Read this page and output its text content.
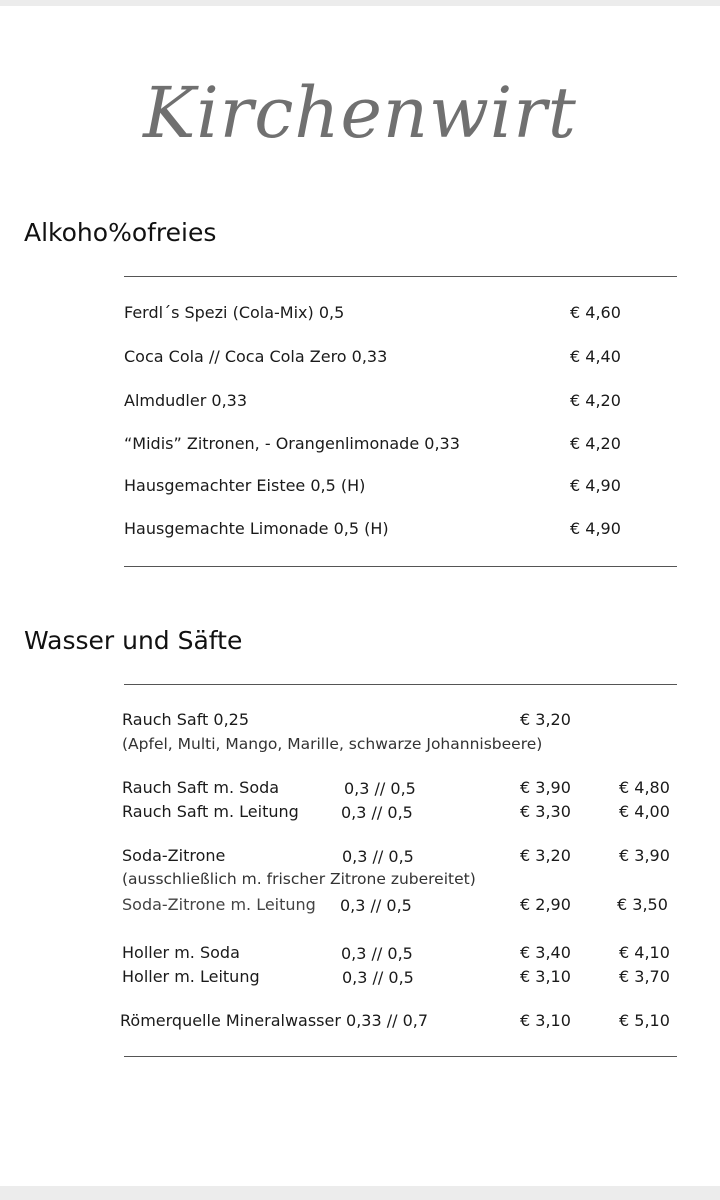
Kirchenwirt
Alkoho%ofreies
Ferdl´s Spezi (Cola-Mix) 0,5	€ 4,60
Coca Cola // Coca Cola Zero 0,33	€ 4,40
Almdudler 0,33	€ 4,20
“Midis” Zitronen, - Orangenlimonade 0,33	€ 4,20
Hausgemachter Eistee 0,5 (H)	€ 4,90
Hausgemachte Limonade 0,5 (H)	€ 4,90
Wasser und Säfte
Rauch Saft 0,25	€ 3,20
(Apfel, Multi, Mango, Marille, schwarze Johannisbeere)
Rauch Saft m. Soda	0,3 // 0,5	€ 3,90	€ 4,80
Rauch Saft m. Leitung	0,3 // 0,5	€ 3,30	€ 4,00
Soda-Zitrone	0,3 // 0,5	€ 3,20	€ 3,90
(ausschließlich m. frischer Zitrone zubereitet)
Soda-Zitrone m. Leitung 0,3 // 0,5	€ 2,90	€ 3,50
Holler m. Soda	0,3 // 0,5	€ 3,40	€ 4,10
Holler m. Leitung	0,3 // 0,5	€ 3,10	€ 3,70
Römerquelle Mineralwasser 0,33 // 0,7	€ 3,10	€ 5,10
